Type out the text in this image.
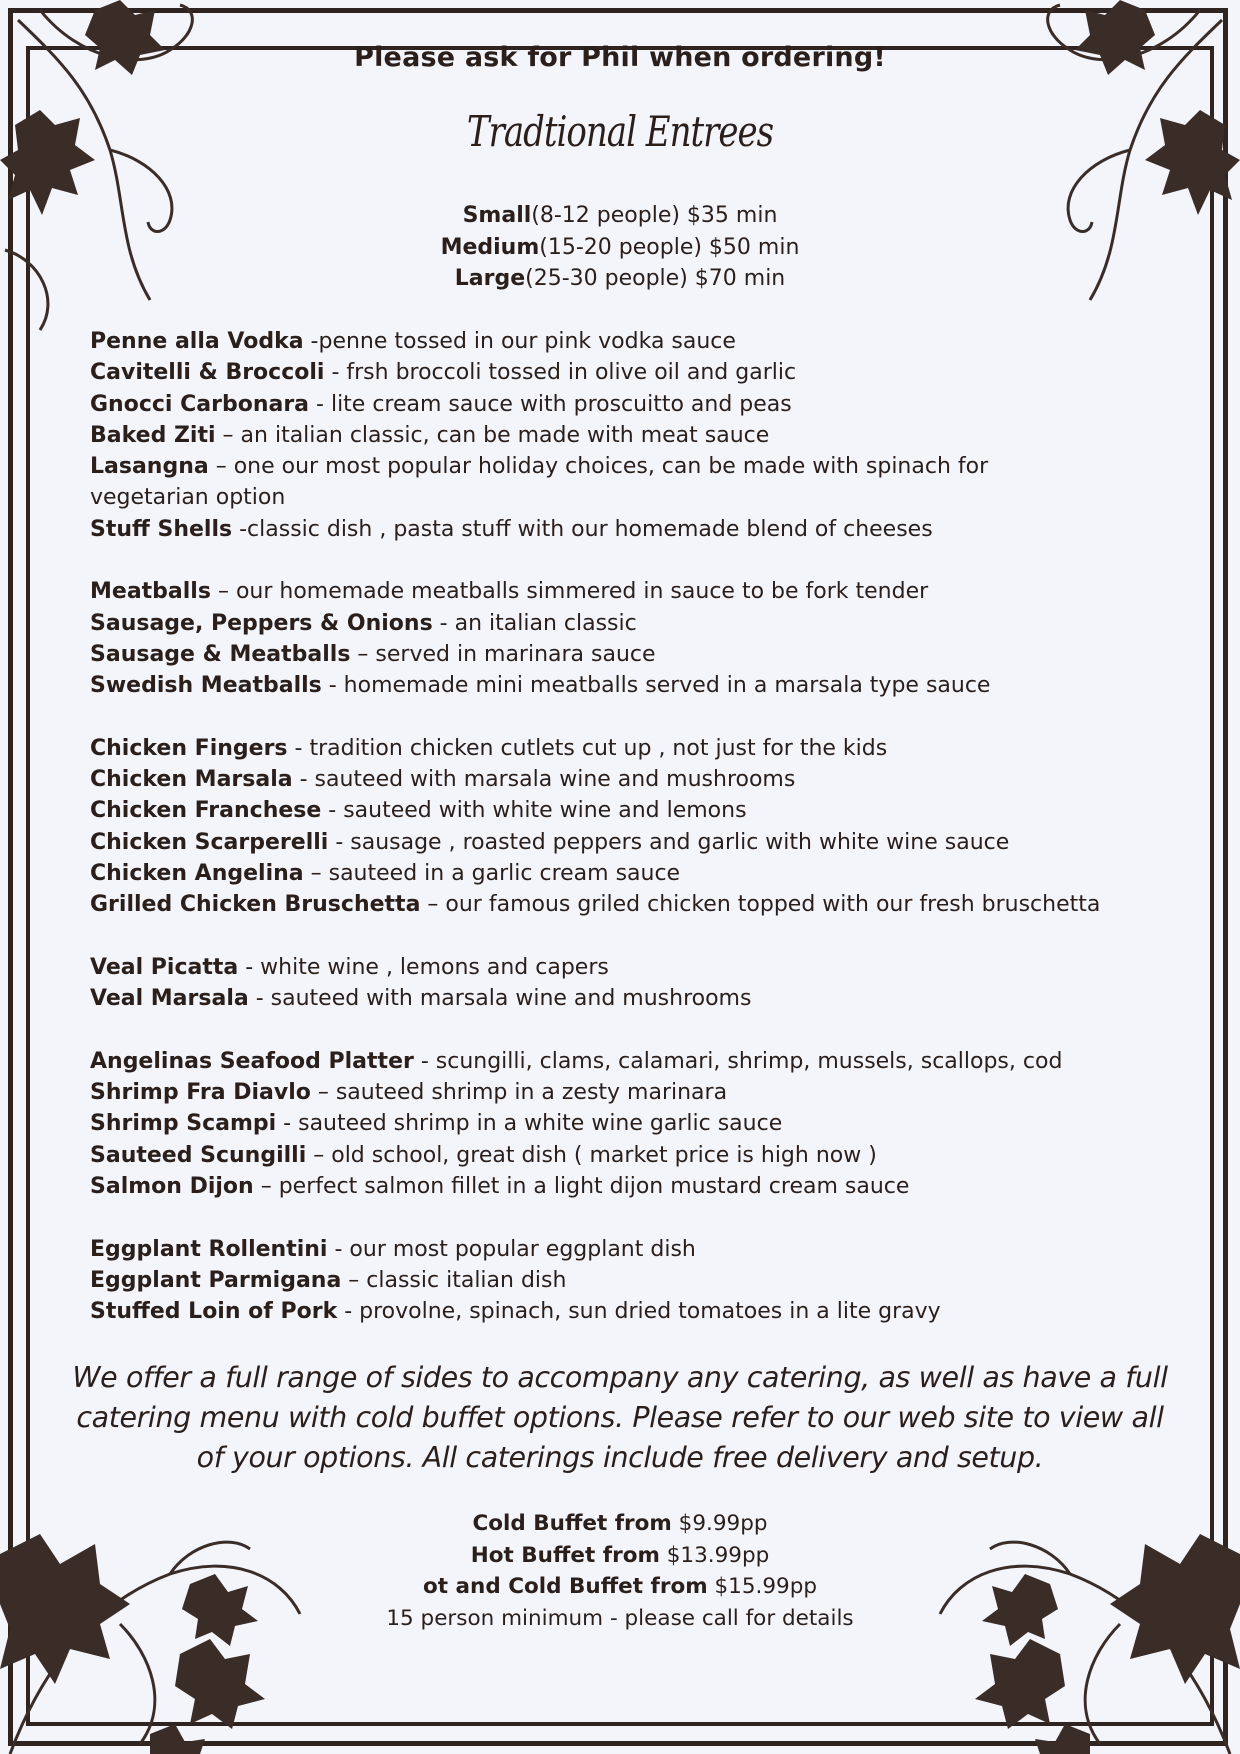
Please ask for Phil when ordering!
Tradtional Entrees
Small(8-12 people) $35 min
Medium(15-20 people) $50 min
Large(25-30 people) $70 min
Penne alla Vodka -penne tossed in our pink vodka sauce
Cavitelli & Broccoli - frsh broccoli tossed in olive oil and garlic
Gnocci Carbonara - lite cream sauce with proscuitto and peas
Baked Ziti – an italian classic, can be made with meat sauce
Lasangna – one our most popular holiday choices, can be made with spinach for vegetarian option
Stuff Shells -classic dish , pasta stuff with our homemade blend of cheeses
Meatballs – our homemade meatballs simmered in sauce to be fork tender
Sausage, Peppers & Onions - an italian classic
Sausage & Meatballs – served in marinara sauce
Swedish Meatballs - homemade mini meatballs served in a marsala type sauce
Chicken Fingers - tradition chicken cutlets cut up , not just for the kids
Chicken Marsala - sauteed with marsala wine and mushrooms
Chicken Franchese - sauteed with white wine and lemons
Chicken Scarperelli - sausage , roasted peppers and garlic with white wine sauce
Chicken Angelina – sauteed in a garlic cream sauce
Grilled Chicken Bruschetta – our famous griled chicken topped with our fresh bruschetta
Veal Picatta - white wine , lemons and capers
Veal Marsala - sauteed with marsala wine and mushrooms
Angelinas Seafood Platter - scungilli, clams, calamari, shrimp, mussels, scallops, cod
Shrimp Fra Diavlo – sauteed shrimp in a zesty marinara
Shrimp Scampi - sauteed shrimp in a white wine garlic sauce
Sauteed Scungilli – old school, great dish ( market price is high now )
Salmon Dijon – perfect salmon fillet in a light dijon mustard cream sauce
Eggplant Rollentini - our most popular eggplant dish
Eggplant Parmigana – classic italian dish
Stuffed Loin of Pork - provolne, spinach, sun dried tomatoes in a lite gravy
We offer a full range of sides to accompany any catering, as well as have a full catering menu with cold buffet options. Please refer to our web site to view all of your options. All caterings include free delivery and setup.
Cold Buffet from $9.99pp
Hot Buffet from $13.99pp
ot and Cold Buffet from $15.99pp
15 person minimum - please call for details
